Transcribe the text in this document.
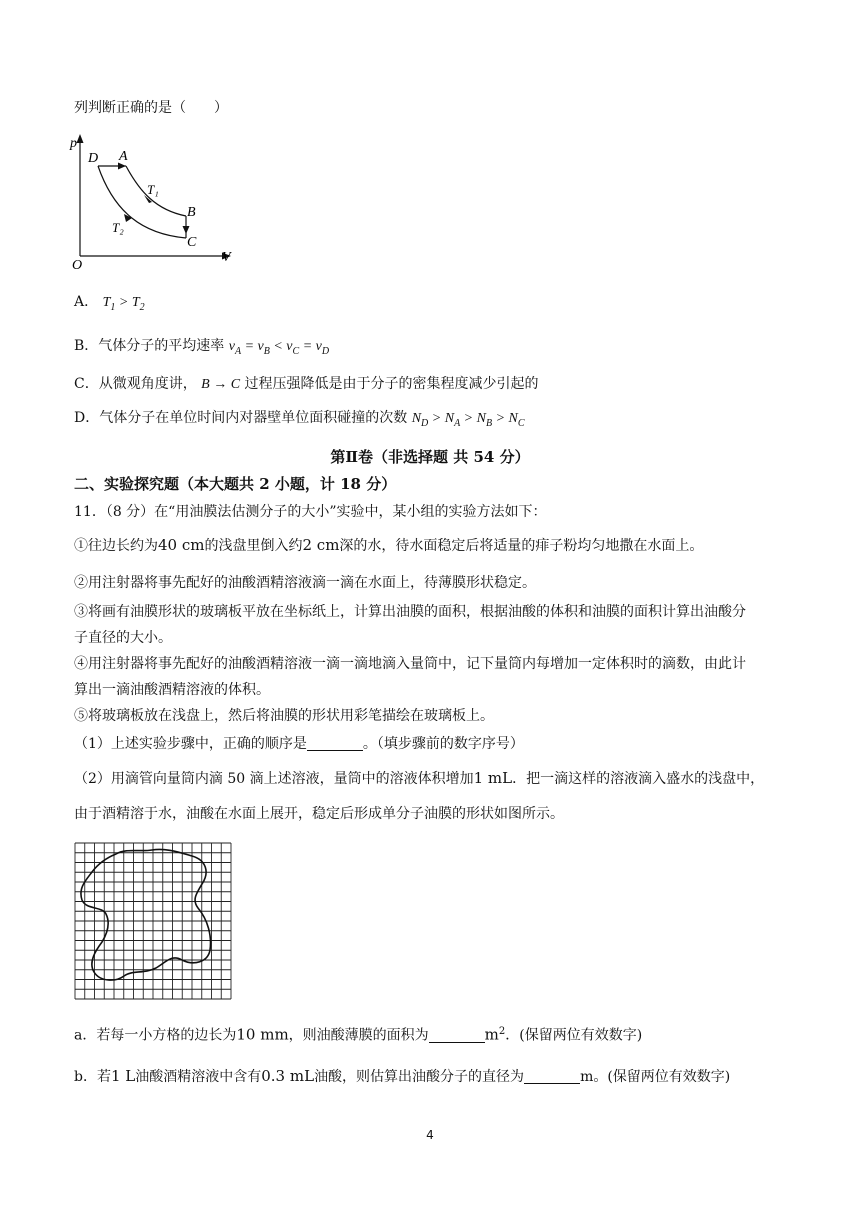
列判断正确的是（　　）
p
V
O
D A
B
C
T₁
T₂
A． $T_1 > T_2$
B．气体分子的平均速率 $v_A = v_B < v_C = v_D$
C．从微观角度讲， B → C 过程压强降低是由于分子的密集程度减少引起的
D．气体分子在单位时间内对器壁单位面积碰撞的次数 $N_D > N_A > N_B > N_C$
第Ⅱ卷（非选择题 共 54 分）
二、实验探究题（本大题共 2 小题，计 18 分）
11．（8 分）在“用油膜法估测分子的大小”实验中，某小组的实验方法如下：
①往边长约为40 cm的浅盘里倒入约2 cm深的水，待水面稳定后将适量的痱子粉均匀地撒在水面上。
②用注射器将事先配好的油酸酒精溶液滴一滴在水面上，待薄膜形状稳定。
③将画有油膜形状的玻璃板平放在坐标纸上，计算出油膜的面积，根据油酸的体积和油膜的面积计算出油酸分
子直径的大小。
④用注射器将事先配好的油酸酒精溶液一滴一滴地滴入量筒中，记下量筒内每增加一定体积时的滴数，由此计
算出一滴油酸酒精溶液的体积。
⑤将玻璃板放在浅盘上，然后将油膜的形状用彩笔描绘在玻璃板上。
（1）上述实验步骤中，正确的顺序是	。（填步骤前的数字序号）
（2）用滴管向量筒内滴 50 滴上述溶液，量筒中的溶液体积增加1 mL．把一滴这样的溶液滴入盛水的浅盘中，
由于酒精溶于水，油酸在水面上展开，稳定后形成单分子油膜的形状如图所示。
a．若每一小方格的边长为10 mm，则油酸薄膜的面积为	$m^2$．(保留两位有效数字)
b．若1 L油酸酒精溶液中含有0.3 mL油酸，则估算出油酸分子的直径为	m。(保留两位有效数字)
4
